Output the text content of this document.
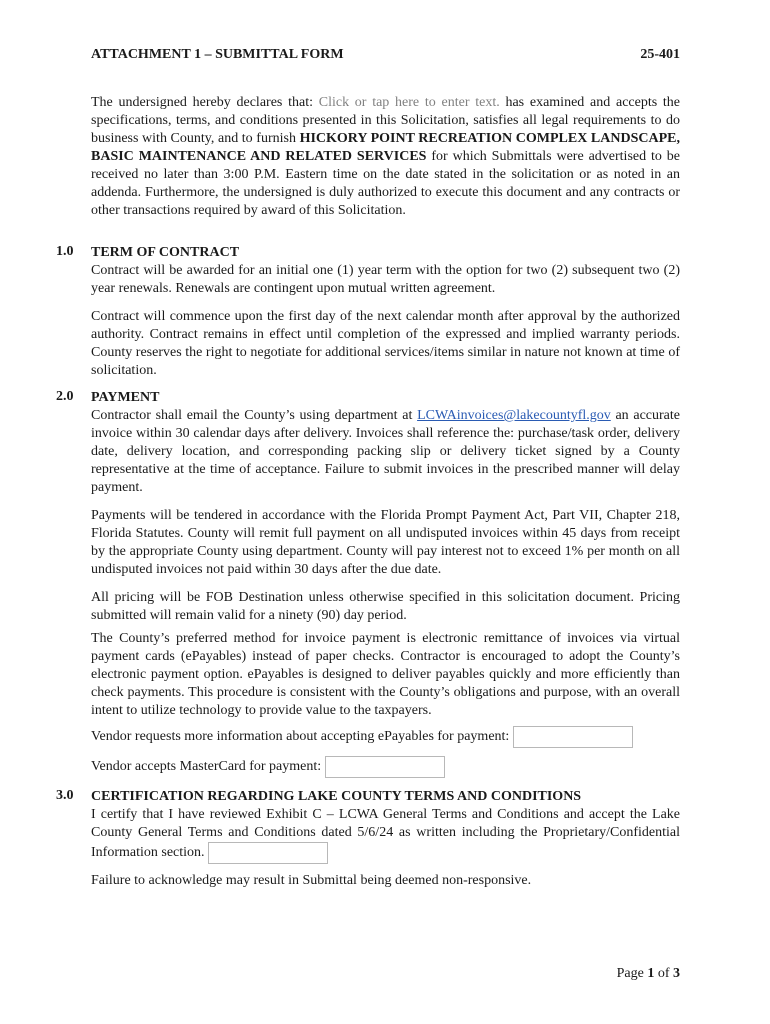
ATTACHMENT 1 – SUBMITTAL FORM	25-401

The undersigned hereby declares that: Click or tap here to enter text. has examined and accepts the specifications, terms, and conditions presented in this Solicitation, satisfies all legal requirements to do business with County, and to furnish HICKORY POINT RECREATION COMPLEX LANDSCAPE, BASIC MAINTENANCE AND RELATED SERVICES for which Submittals were advertised to be received no later than 3:00 P.M. Eastern time on the date stated in the solicitation or as noted in an addenda. Furthermore, the undersigned is duly authorized to execute this document and any contracts or other transactions required by award of this Solicitation.

1.0 TERM OF CONTRACT

Contract will be awarded for an initial one (1) year term with the option for two (2) subsequent two (2) year renewals. Renewals are contingent upon mutual written agreement.

Contract will commence upon the first day of the next calendar month after approval by the authorized authority. Contract remains in effect until completion of the expressed and implied warranty periods. County reserves the right to negotiate for additional services/items similar in nature not known at time of solicitation.
2.0 PAYMENT

Contractor shall email the County’s using department at LCWAinvoices@lakecountyfl.gov an accurate invoice within 30 calendar days after delivery. Invoices shall reference the: purchase/task order, delivery date, delivery location, and corresponding packing slip or delivery ticket signed by a County representative at the time of acceptance. Failure to submit invoices in the prescribed manner will delay payment.

Payments will be tendered in accordance with the Florida Prompt Payment Act, Part VII, Chapter 218, Florida Statutes. County will remit full payment on all undisputed invoices within 45 days from receipt by the appropriate County using department. County will pay interest not to exceed 1% per month on all undisputed invoices not paid within 30 days after the due date.
All pricing will be FOB Destination unless otherwise specified in this solicitation document. Pricing submitted will remain valid for a ninety (90) day period.
The County’s preferred method for invoice payment is electronic remittance of invoices via virtual payment cards (ePayables) instead of paper checks. Contractor is encouraged to adopt the County’s electronic payment option. ePayables is designed to deliver payables quickly and more efficiently than check payments. This procedure is consistent with the County’s obligations and purpose, with an overall intent to utilize technology to provide value to the taxpayers.
Vendor requests more information about accepting ePayables for payment:
Vendor accepts MasterCard for payment:
3.0 CERTIFICATION REGARDING LAKE COUNTY TERMS AND CONDITIONS

I certify that I have reviewed Exhibit C – LCWA General Terms and Conditions and accept the Lake County General Terms and Conditions dated 5/6/24 as written including the Proprietary/Confidential Information section.

Failure to acknowledge may result in Submittal being deemed non-responsive.
Page 1 of 3
